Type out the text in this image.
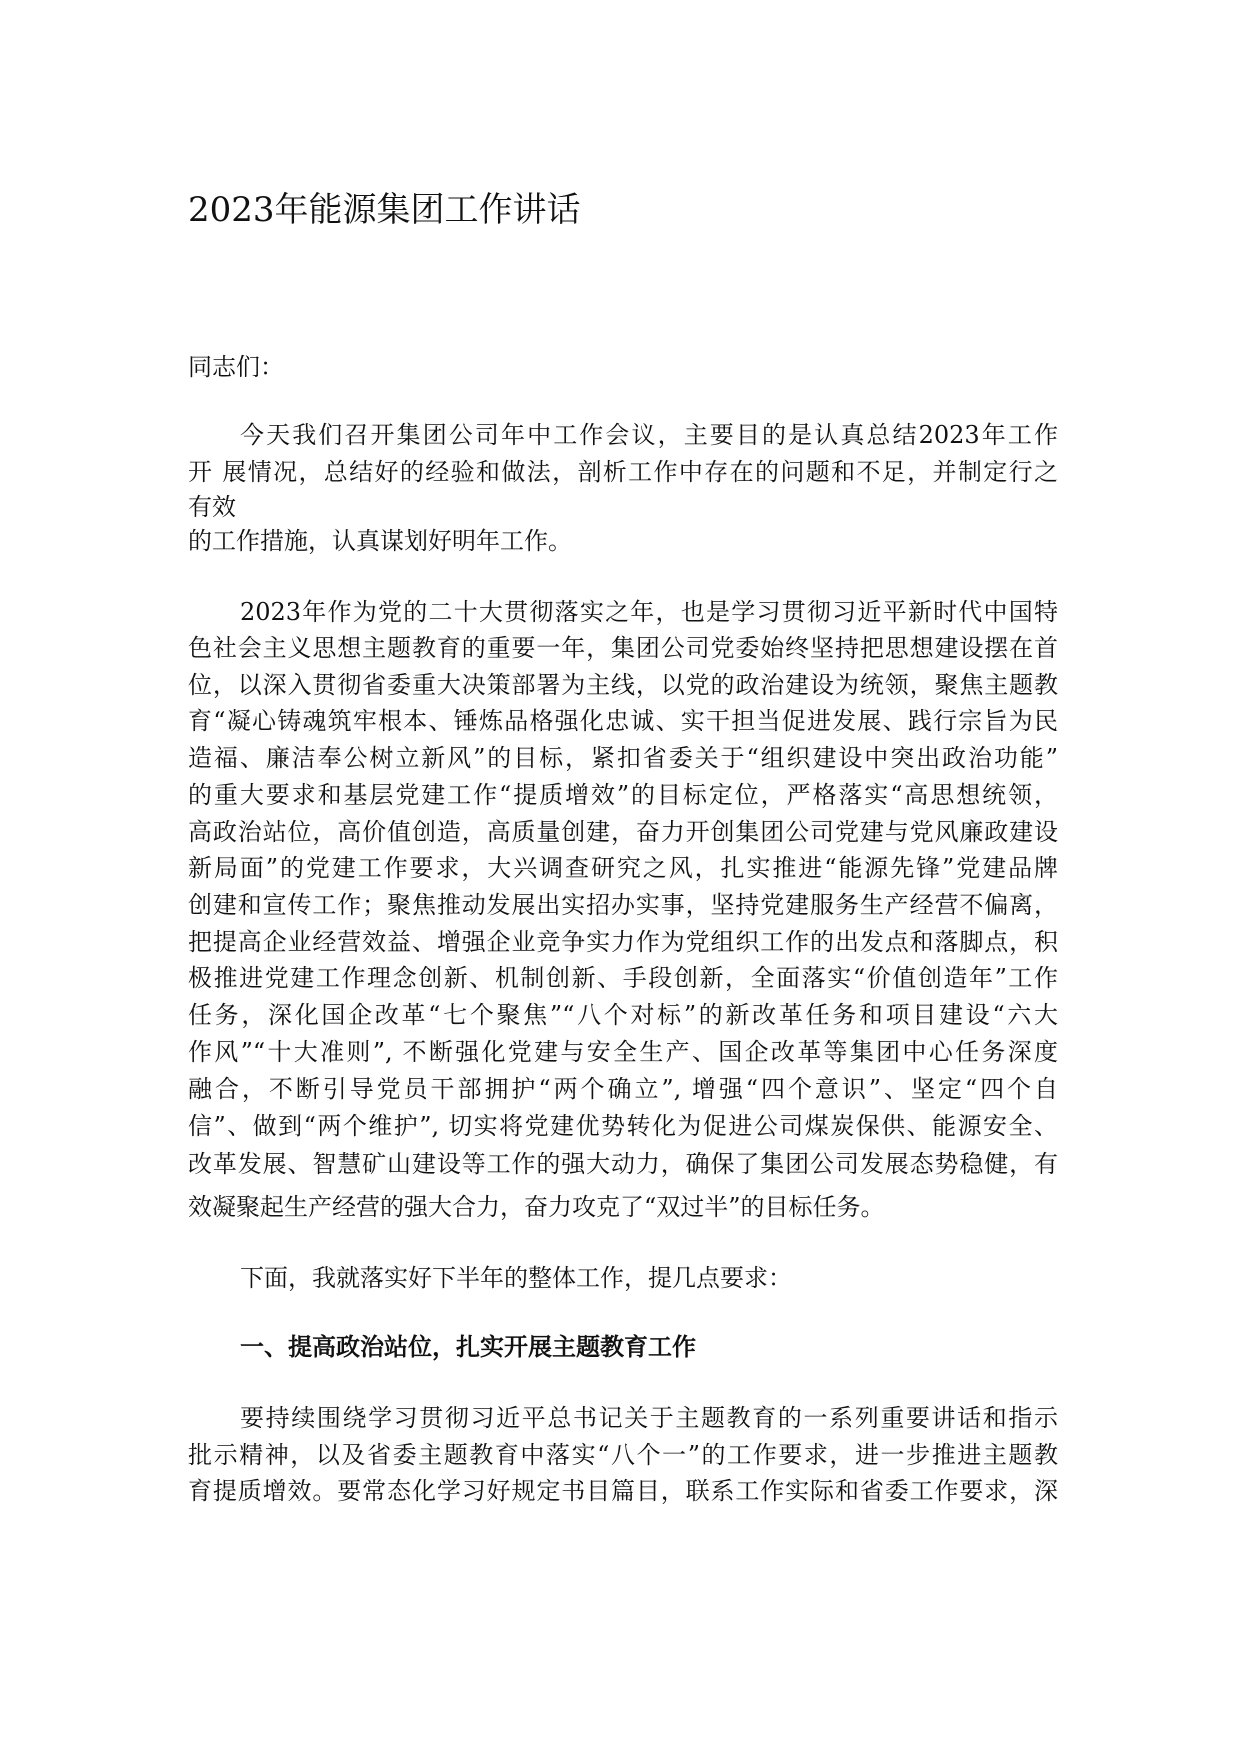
2023年能源集团工作讲话
同志们：
今天我们召开集团公司年中工作会议，主要目的是认真总结2023年工作
开 展情况，总结好的经验和做法，剖析工作中存在的问题和不足，并制定行之
有效
的工作措施，认真谋划好明年工作。
2023年作为党的二十大贯彻落实之年，也是学习贯彻习近平新时代中国特
色社会主义思想主题教育的重要一年，集团公司党委始终坚持把思想建设摆在首
位，以深入贯彻省委重大决策部署为主线，以党的政治建设为统领，聚焦主题教
育“凝心铸魂筑牢根本、锤炼品格强化忠诚、实干担当促进发展、践行宗旨为民
造福、廉洁奉公树立新风”的目标，紧扣省委关于“组织建设中突出政治功能”
的重大要求和基层党建工作“提质增效”的目标定位，严格落实“高思想统领，
高政治站位，高价值创造，高质量创建，奋力开创集团公司党建与党风廉政建设
新局面”的党建工作要求，大兴调查研究之风，扎实推进“能源先锋”党建品牌
创建和宣传工作；聚焦推动发展出实招办实事，坚持党建服务生产经营不偏离，
把提高企业经营效益、增强企业竞争实力作为党组织工作的出发点和落脚点，积
极推进党建工作理念创新、机制创新、手段创新，全面落实“价值创造年”工作
任务，深化国企改革“七个聚焦”“八个对标”的新改革任务和项目建设“六大
作风”“十大准则”, 不断强化党建与安全生产、国企改革等集团中心任务深度
融合，不断引导党员干部拥护“两个确立”, 增强“四个意识”、坚定“四个自
信”、做到“两个维护”, 切实将党建优势转化为促进公司煤炭保供、能源安全、
改革发展、智慧矿山建设等工作的强大动力，确保了集团公司发展态势稳健，有
效凝聚起生产经营的强大合力，奋力攻克了“双过半”的目标任务。
下面，我就落实好下半年的整体工作，提几点要求：
一、提高政治站位，扎实开展主题教育工作
要持续围绕学习贯彻习近平总书记关于主题教育的一系列重要讲话和指示
批示精神，以及省委主题教育中落实“八个一”的工作要求，进一步推进主题教
育提质增效。要常态化学习好规定书目篇目，联系工作实际和省委工作要求，深
